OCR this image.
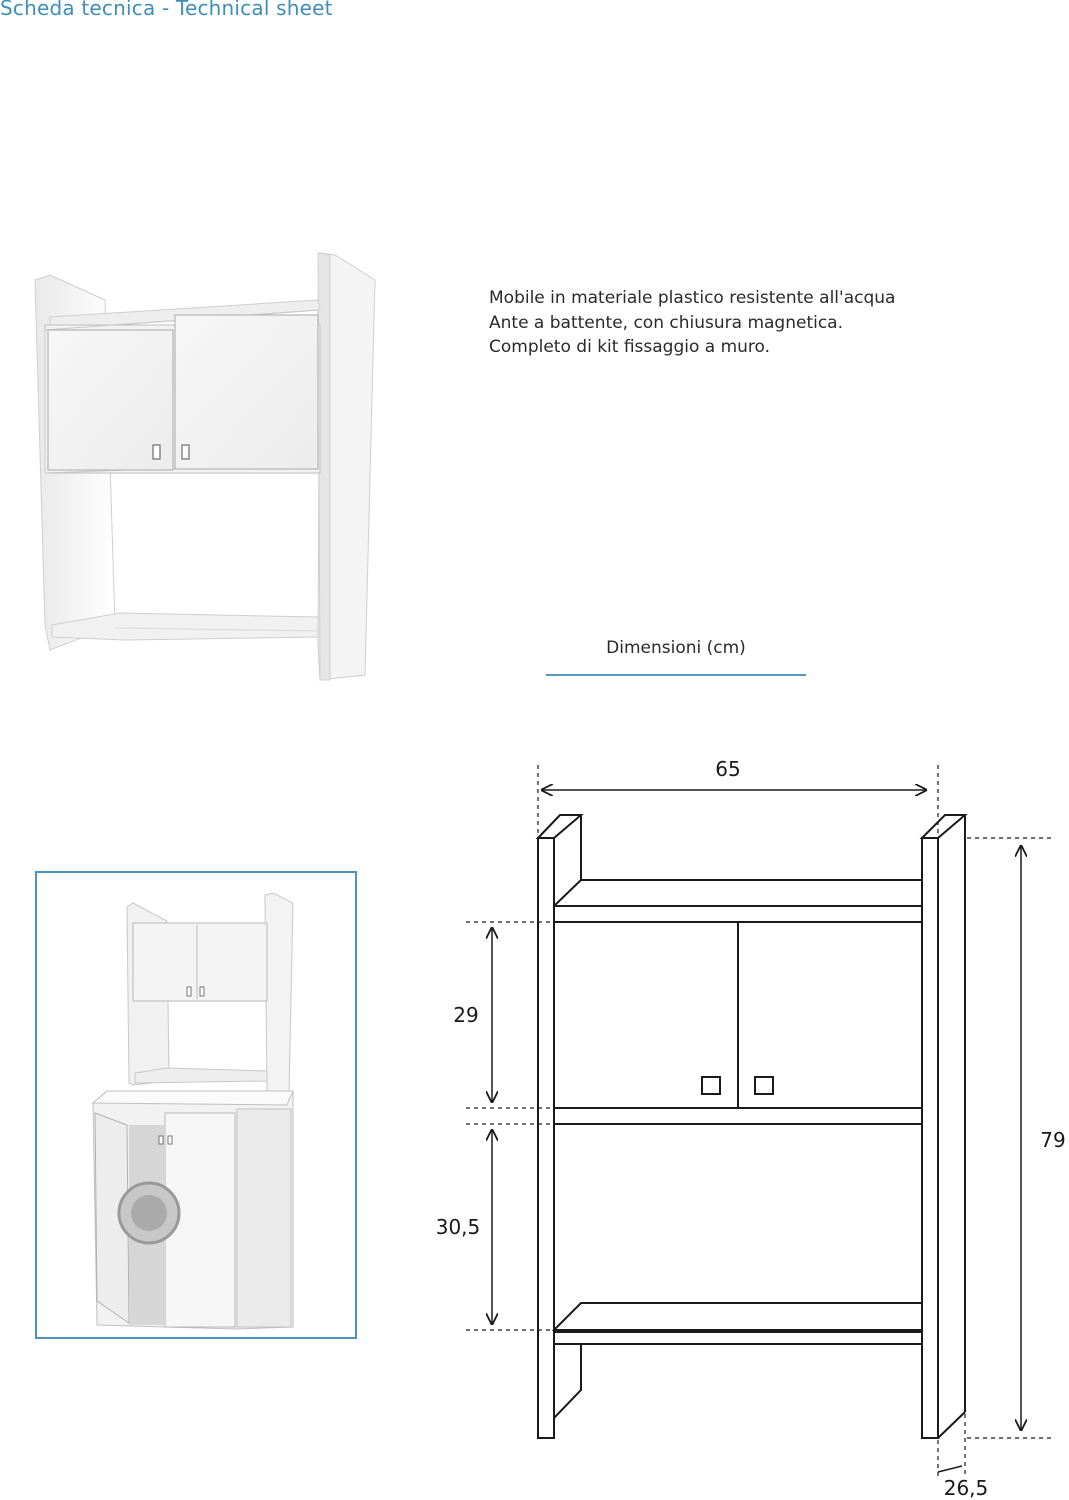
Scheda tecnica - Technical sheet
Mobile in materiale plastico resistente all'acqua
Ante a battente, con chiusura magnetica.
Completo di kit fissaggio a muro.
Dimensioni (cm)
65
29
30,5
79
26,5
